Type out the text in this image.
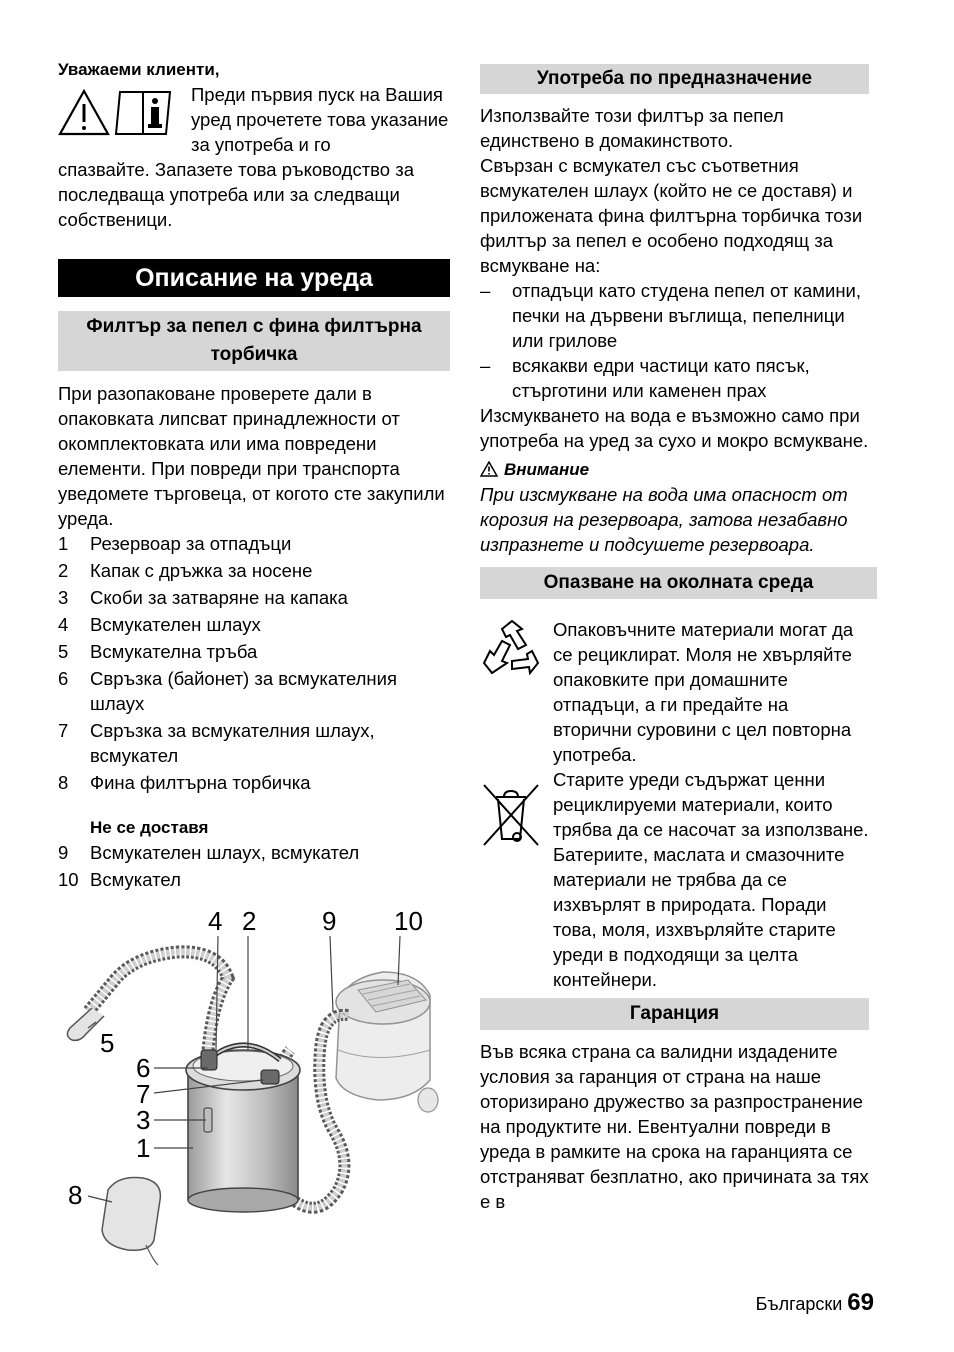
Уважаеми клиенти,

Преди първия пуск на Вашия уред прочетете това указание за употреба и го

спазвайте. Запазете това ръководство за последваща употреба или за следващи собственици.

Описание на уреда
Филтър за пепел с фина филтърна торбичка

При разопаковане проверете дали в опаковката липсват принадлежности от окомплектовката или има повредени елементи. При повреди при транспорта уведомете търговеца, от когото сте закупили уреда.

1 Резервоар за отпадъци
2 Капак с дръжка за носене
3 Скоби за затваряне на капака
4 Всмукателен шлаух
5 Всмукателна тръба
6 Свръзка (байонет) за всмукателния шлаух
7 Свръзка за всмукателния шлаух, всмукател
8 Фина филтърна торбичка

Не се доставя

9 Всмукателен шлаух, всмукател
10 Всмукател
4 2	9 10
5
6
7
3
1
8
Употреба по предназначение

Използвайте този филтър за пепел единствено в домакинството.

Свързан с всмукател със съответния всмукателен шлаух (който не се доставя) и приложената фина филтърна торбичка този филтър за пепел е особено подходящ за всмукване на:

– отпадъци като студена пепел от камини, печки на дървени въглища, пепелници или грилове
– всякакви едри частици като пясък, стърготини или каменен прах

Изсмукването на вода е възможно само при употреба на уред за сухо и мокро всмукване.

Внимание

При изсмукване на вода има опасност от корозия на резервоара, затова незабавно изпразнете и подсушете резервоара.

Опазване на околната среда

Опаковъчните материали могат да се рециклират. Моля не хвърляйте опаковките при домашните отпадъци, а ги предайте на вторични суровини с цел повторна употреба.

Старите уреди съдържат ценни рециклируеми материали, които трябва да се насочат за използване. Батериите, маслата и смазочните материали не трябва да се изхвърлят в природата. Поради това, моля, изхвърляйте старите уреди в подходящи за целта контейнери.

Гаранция

Във всяка страна са валидни издадените условия за гаранция от страна на наше оторизирано дружество за разпространение на продуктите ни. Евентуални повреди в уреда в рамките на срока на гаранцията се отстраняват безплатно, ако причината за тях е в

Български 69
